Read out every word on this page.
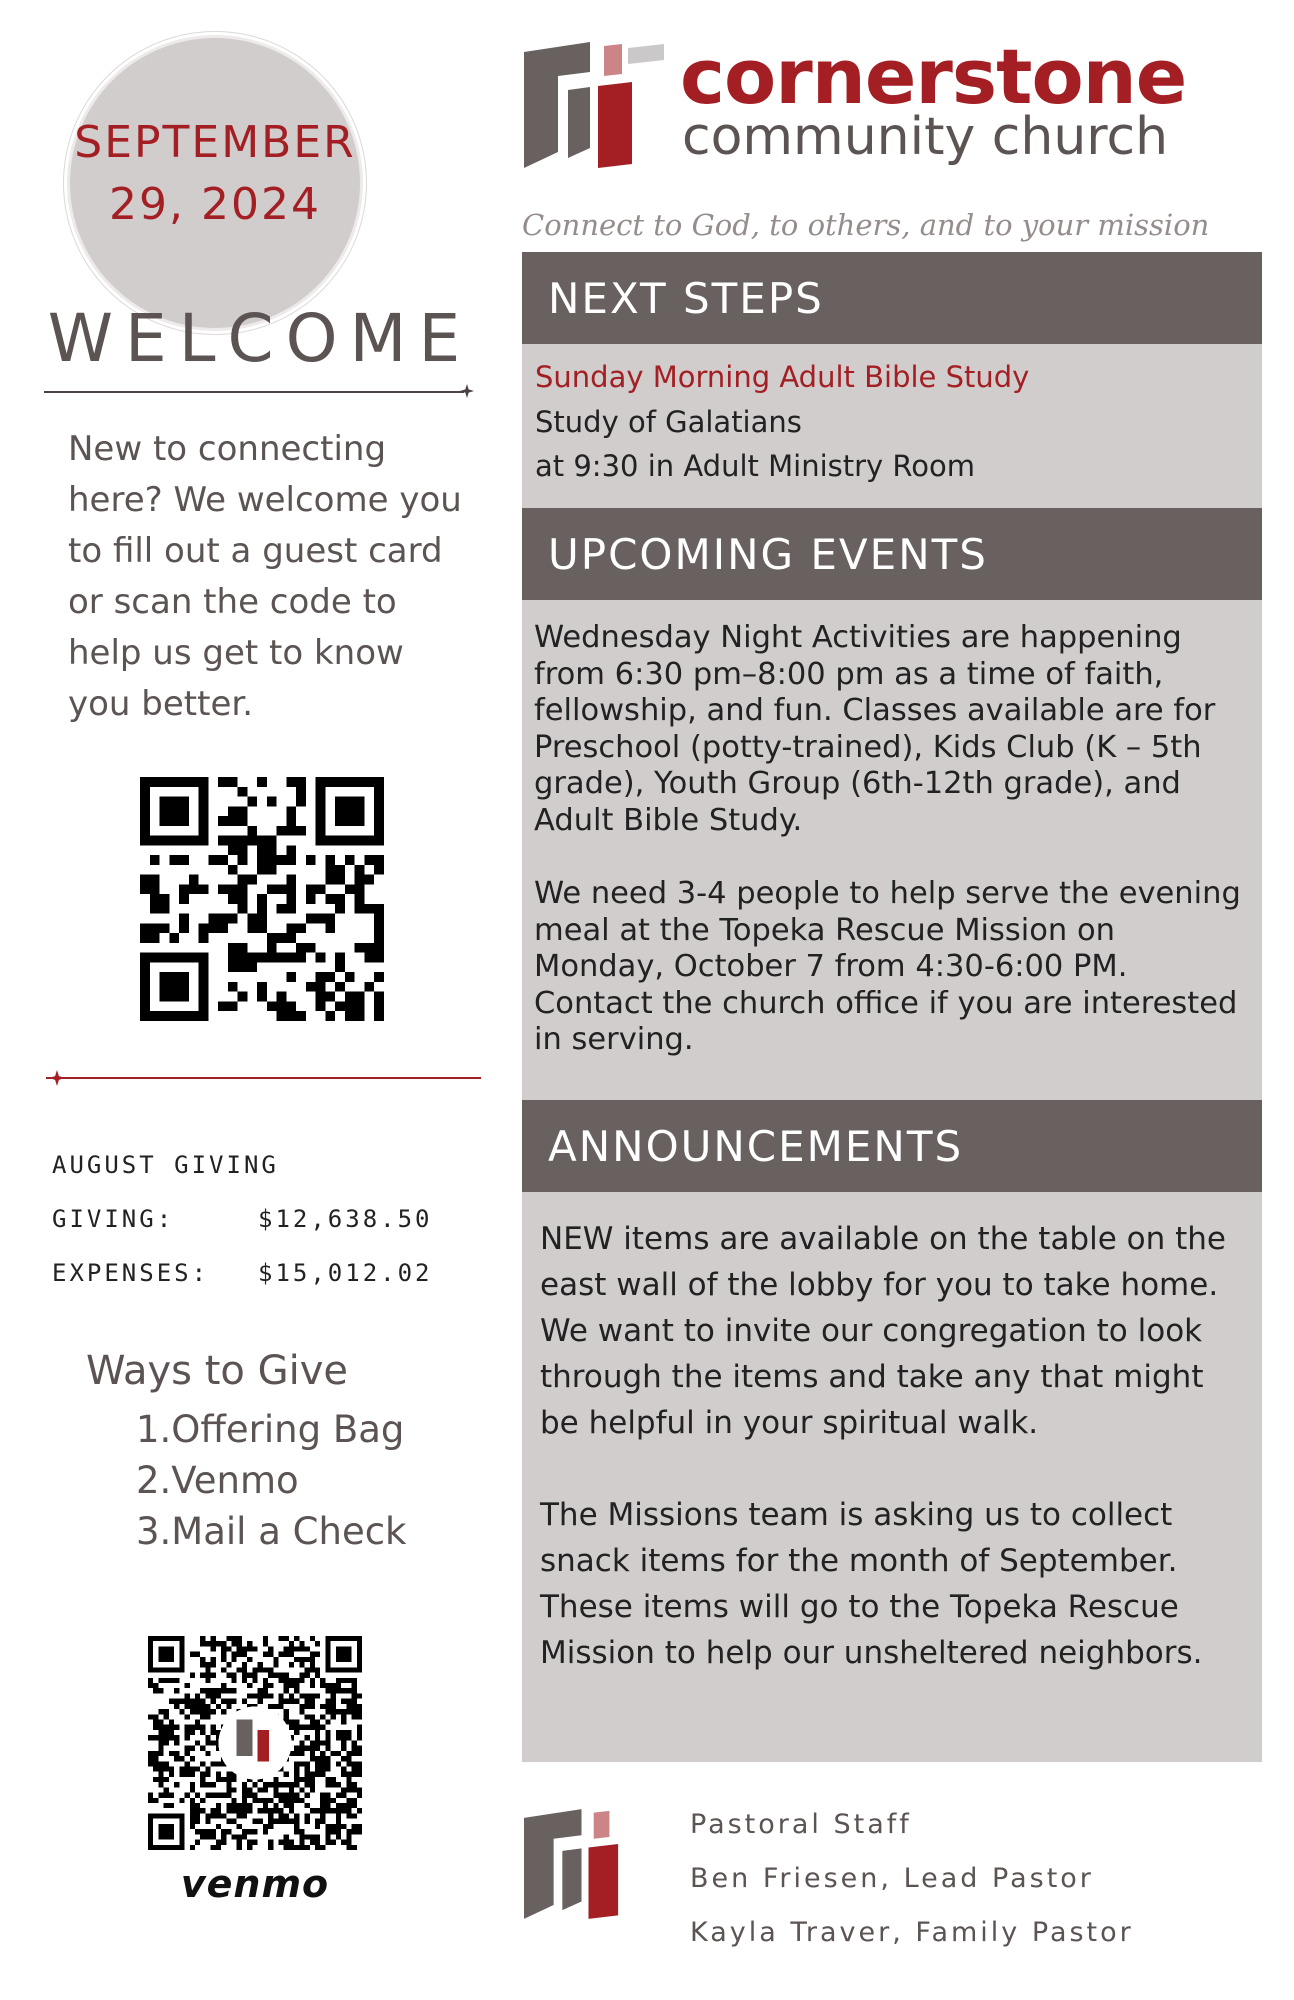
SEPTEMBER
29, 2024
WELCOME
New to connecting
here? We welcome you
to fill out a guest card
or scan the code to
help us get to know
you better.
AUGUST GIVING
GIVING:	$12,638.50
EXPENSES:	$15,012.02
Ways to Give
1.Offering Bag
2.Venmo
3.Mail a Check
venmo
cornerstone
community church
Connect to God, to others, and to your mission
NEXT STEPS
Sunday Morning Adult Bible Study
Study of Galatians
at 9:30 in Adult Ministry Room
UPCOMING EVENTS

Wednesday Night Activities are happening from 6:30 pm–8:00 pm as a time of faith, fellowship, and fun. Classes available are for Preschool (potty-trained), Kids Club (K – 5th grade), Youth Group (6th-12th grade), and Adult Bible Study.

We need 3-4 people to help serve the evening meal at the Topeka Rescue Mission on Monday, October 7 from 4:30-6:00 PM. Contact the church office if you are interested in serving.

ANNOUNCEMENTS

NEW items are available on the table on the east wall of the lobby for you to take home. We want to invite our congregation to look through the items and take any that might be helpful in your spiritual walk.

The Missions team is asking us to collect snack items for the month of September. These items will go to the Topeka Rescue Mission to help our unsheltered neighbors.

Pastoral Staff
Ben Friesen, Lead Pastor
Kayla Traver, Family Pastor
